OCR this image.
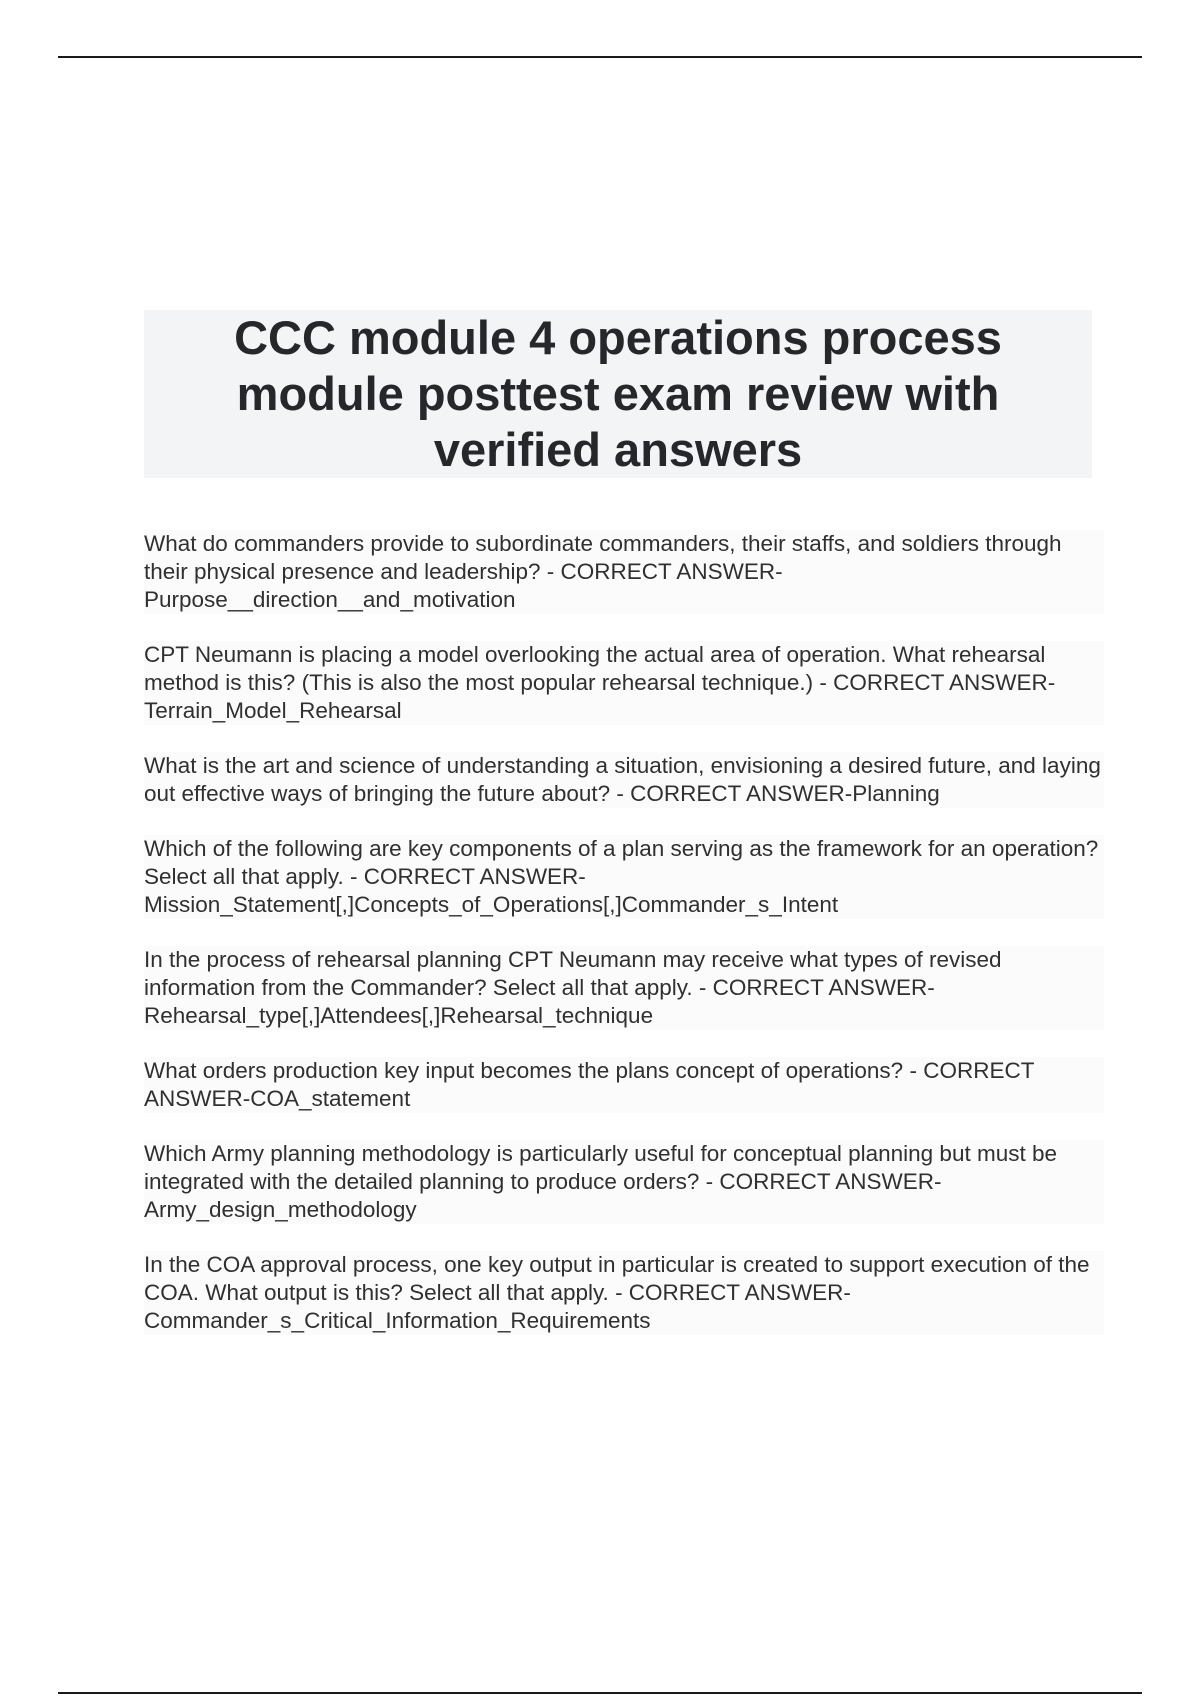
CCC module 4 operations process module posttest exam review with verified answers

What do commanders provide to subordinate commanders, their staffs, and soldiers through their physical presence and leadership? - CORRECT ANSWER-Purpose__direction__and_motivation

CPT Neumann is placing a model overlooking the actual area of operation. What rehearsal method is this? (This is also the most popular rehearsal technique.) - CORRECT ANSWER-Terrain_Model_Rehearsal

What is the art and science of understanding a situation, envisioning a desired future, and laying out effective ways of bringing the future about? - CORRECT ANSWER-Planning

Which of the following are key components of a plan serving as the framework for an operation? Select all that apply. - CORRECT ANSWER-Mission_Statement[,]Concepts_of_Operations[,]Commander_s_Intent

In the process of rehearsal planning CPT Neumann may receive what types of revised information from the Commander? Select all that apply. - CORRECT ANSWER-Rehearsal_type[,]Attendees[,]Rehearsal_technique

What orders production key input becomes the plans concept of operations? - CORRECT ANSWER-COA_statement

Which Army planning methodology is particularly useful for conceptual planning but must be integrated with the detailed planning to produce orders? - CORRECT ANSWER-Army_design_methodology

In the COA approval process, one key output in particular is created to support execution of the COA. What output is this? Select all that apply. - CORRECT ANSWER-Commander_s_Critical_Information_Requirements
